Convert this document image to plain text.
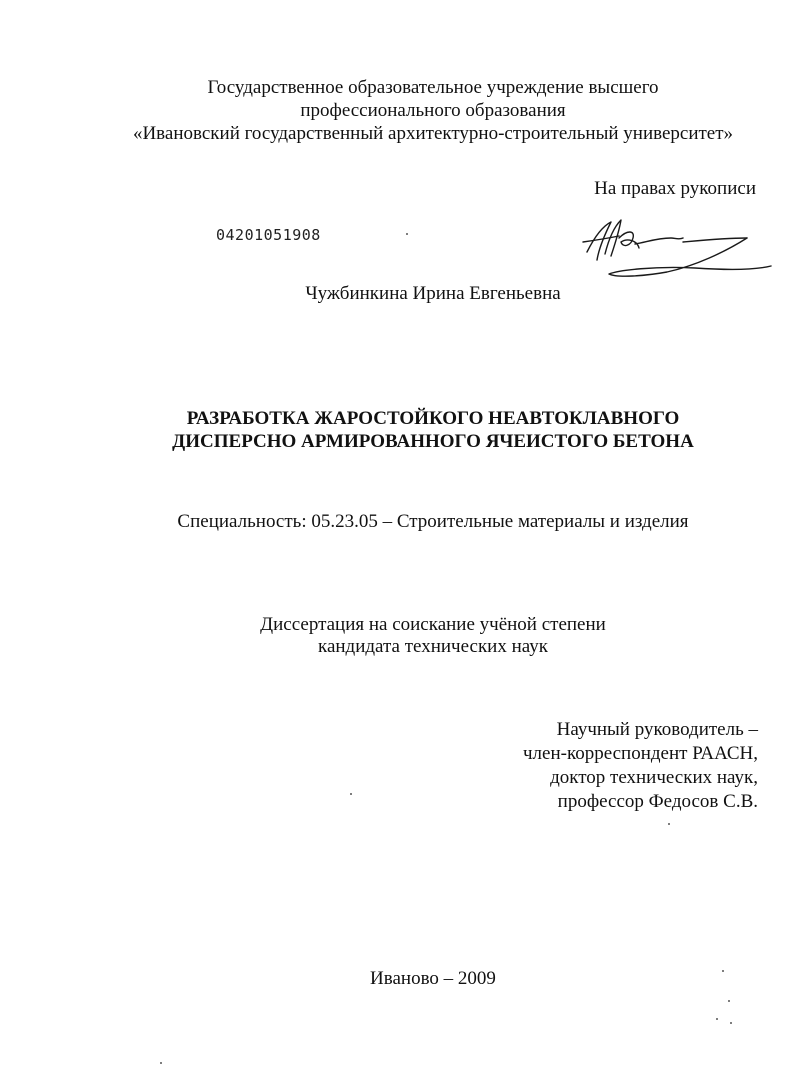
Государственное образовательное учреждение высшего
профессионального образования
«Ивановский государственный архитектурно-строительный университет»
На правах рукописи
04201051908
Чужбинкина Ирина Евгеньевна
РАЗРАБОТКА ЖАРОСТОЙКОГО НЕАВТОКЛАВНОГО
ДИСПЕРСНО АРМИРОВАННОГО ЯЧЕИСТОГО БЕТОНА
Специальность: 05.23.05 – Строительные материалы и изделия
Диссертация на соискание учёной степени
кандидата технических наук
Научный руководитель –
член-корреспондент РААСН,
доктор технических наук,
профессор Федосов С.В.
Иваново – 2009
